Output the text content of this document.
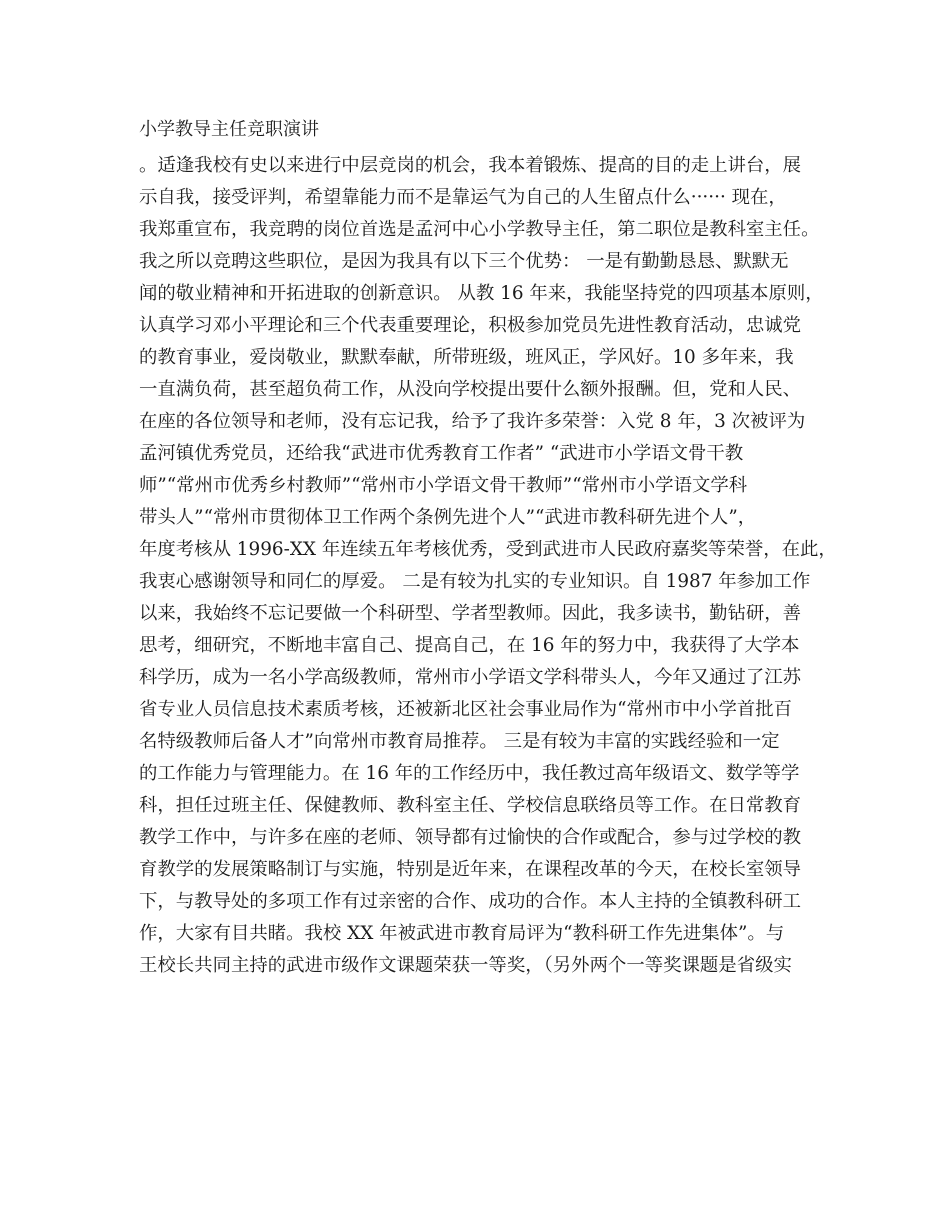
小学教导主任竞职演讲
。适逢我校有史以来进行中层竞岗的机会，我本着锻炼、提高的目的走上讲台，展
示自我，接受评判，希望靠能力而不是靠运气为自己的人生留点什么······ 现在，
我郑重宣布，我竞聘的岗位首选是孟河中心小学教导主任，第二职位是教科室主任。
我之所以竞聘这些职位，是因为我具有以下三个优势： 一是有勤勤恳恳、默默无
闻的敬业精神和开拓进取的创新意识。 从教 16 年来，我能坚持党的四项基本原则，
认真学习邓小平理论和三个代表重要理论，积极参加党员先进性教育活动，忠诚党
的教育事业，爱岗敬业，默默奉献，所带班级，班风正，学风好。10 多年来，我
一直满负荷，甚至超负荷工作，从没向学校提出要什么额外报酬。但，党和人民、
在座的各位领导和老师，没有忘记我，给予了我许多荣誉：入党 8 年，3 次被评为
孟河镇优秀党员，还给我“武进市优秀教育工作者” “武进市小学语文骨干教
师”“常州市优秀乡村教师”“常州市小学语文骨干教师”“常州市小学语文学科
带头人”“常州市贯彻体卫工作两个条例先进个人”“武进市教科研先进个人”，
年度考核从 1996-XX 年连续五年考核优秀，受到武进市人民政府嘉奖等荣誉，在此，
我衷心感谢领导和同仁的厚爱。 二是有较为扎实的专业知识。自 1987 年参加工作
以来，我始终不忘记要做一个科研型、学者型教师。因此，我多读书，勤钻研，善
思考，细研究，不断地丰富自己、提高自己，在 16 年的努力中，我获得了大学本
科学历，成为一名小学高级教师，常州市小学语文学科带头人，今年又通过了江苏
省专业人员信息技术素质考核，还被新北区社会事业局作为“常州市中小学首批百
名特级教师后备人才”向常州市教育局推荐。 三是有较为丰富的实践经验和一定
的工作能力与管理能力。在 16 年的工作经历中，我任教过高年级语文、数学等学
科，担任过班主任、保健教师、教科室主任、学校信息联络员等工作。在日常教育
教学工作中，与许多在座的老师、领导都有过愉快的合作或配合，参与过学校的教
育教学的发展策略制订与实施，特别是近年来，在课程改革的今天，在校长室领导
下，与教导处的多项工作有过亲密的合作、成功的合作。本人主持的全镇教科研工
作，大家有目共睹。我校 XX 年被武进市教育局评为“教科研工作先进集体”。与
王校长共同主持的武进市级作文课题荣获一等奖，（另外两个一等奖课题是省级实
